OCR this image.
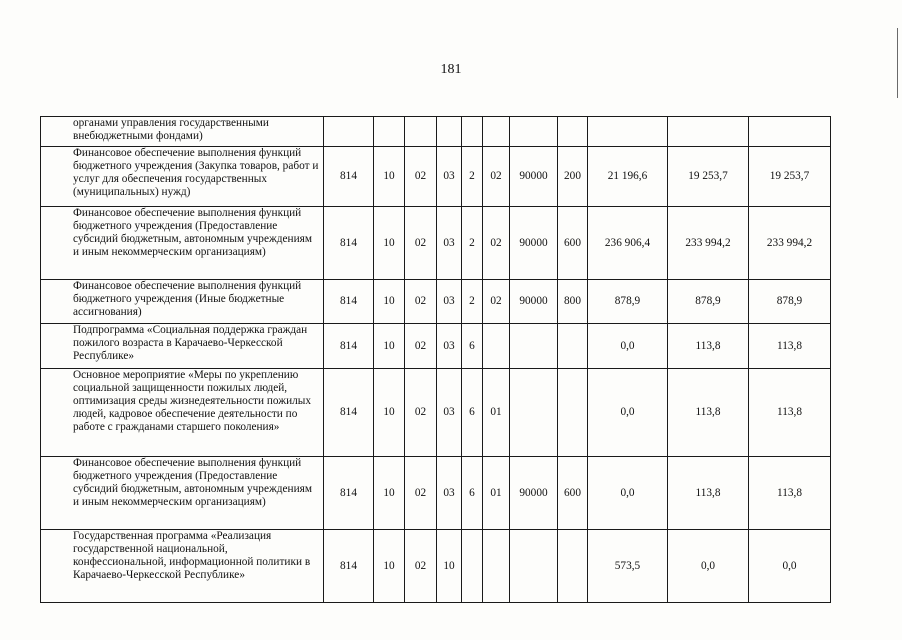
181
органами управления государственными внебюджетными фондами)											
Финансовое обеспечение выполнения функций бюджетного учреждения (Закупка товаров, работ и услуг для обеспечения государственных (муниципальных) нужд)	814	10	02	03	2	02	90000	200	21 196,6	19 253,7	19 253,7
Финансовое обеспечение выполнения функций бюджетного учреждения (Предоставление субсидий бюджетным, автономным учреждениям и иным некоммерческим организациям)	814	10	02	03	2	02	90000	600	236 906,4	233 994,2	233 994,2
Финансовое обеспечение выполнения функций бюджетного учреждения (Иные бюджетные ассигнования)	814	10	02	03	2	02	90000	800	878,9	878,9	878,9
Подпрограмма «Социальная поддержка граждан пожилого возраста в Карачаево-Черкесской Республике»	814	10	02	03	6				0,0	113,8	113,8
Основное мероприятие «Меры по укреплению социальной защищенности пожилых людей, оптимизация среды жизнедеятельности пожилых людей, кадровое обеспечение деятельности по работе с гражданами старшего поколения»	814	10	02	03	6	01			0,0	113,8	113,8
Финансовое обеспечение выполнения функций бюджетного учреждения (Предоставление субсидий бюджетным, автономным учреждениям и иным некоммерческим организациям)	814	10	02	03	6	01	90000	600	0,0	113,8	113,8
Государственная программа «Реализация государственной национальной, конфессиональной, информационной политики в Карачаево-Черкесской Республике»	814	10	02	10					573,5	0,0	0,0
